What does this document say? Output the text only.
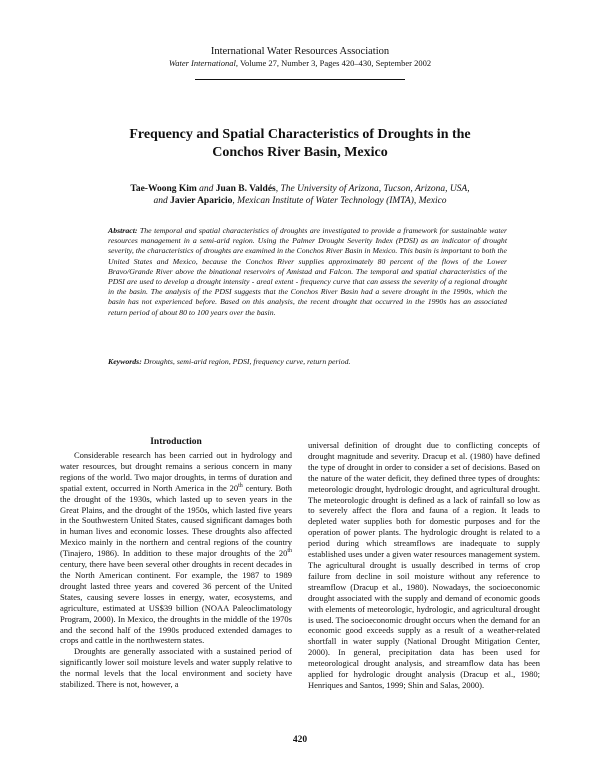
International Water Resources Association
Water International, Volume 27, Number 3, Pages 420–430, September 2002
Frequency and Spatial Characteristics of Droughts in the
Conchos River Basin, Mexico
Tae-Woong Kim and Juan B. Valdés, The University of Arizona, Tucson, Arizona, USA,
and Javier Aparicio, Mexican Institute of Water Technology (IMTA), Mexico

Abstract: The temporal and spatial characteristics of droughts are investigated to provide a framework for sustainable water resources management in a semi-arid region. Using the Palmer Drought Severity Index (PDSI) as an indicator of drought severity, the characteristics of droughts are examined in the Conchos River Basin in Mexico. This basin is important to both the United States and Mexico, because the Conchos River supplies approximately 80 percent of the flows of the Lower Bravo/Grande River above the binational reservoirs of Amistad and Falcon. The temporal and spatial characteristics of the PDSI are used to develop a drought intensity - areal extent - frequency curve that can assess the severity of a regional drought in the basin. The analysis of the PDSI suggests that the Conchos River Basin had a severe drought in the 1990s, which the basin has not experienced before. Based on this analysis, the recent drought that occurred in the 1990s has an associated return period of about 80 to 100 years over the basin.

Keywords: Droughts, semi-arid region, PDSI, frequency curve, return period.

Introduction

Considerable research has been carried out in hydrology and water resources, but drought remains a serious concern in many regions of the world. Two major droughts, in terms of duration and spatial extent, occurred in North America in the 20th century. Both the drought of the 1930s, which lasted up to seven years in the Great Plains, and the drought of the 1950s, which lasted five years in the Southwestern United States, caused significant damages both in human lives and economic losses. These droughts also affected Mexico mainly in the northern and central regions of the country (Tinajero, 1986). In addition to these major droughts of the 20th century, there have been several other droughts in recent decades in the North American continent. For example, the 1987 to 1989 drought lasted three years and covered 36 percent of the United States, causing severe losses in energy, water, ecosystems, and agriculture, estimated at US$39 billion (NOAA Paleoclimatology Program, 2000). In Mexico, the droughts in the middle of the 1970s and the second half of the 1990s produced extended damages to crops and cattle in the northwestern states.

Droughts are generally associated with a sustained period of significantly lower soil moisture levels and water supply relative to the normal levels that the local environment and society have stabilized. There is not, however, a

universal definition of drought due to conflicting concepts of drought magnitude and severity. Dracup et al. (1980) have defined the type of drought in order to consider a set of decisions. Based on the nature of the water deficit, they defined three types of droughts: meteorologic drought, hydrologic drought, and agricultural drought. The meteorologic drought is defined as a lack of rainfall so low as to severely affect the flora and fauna of a region. It leads to depleted water supplies both for domestic purposes and for the operation of power plants. The hydrologic drought is related to a period during which streamflows are inadequate to supply established uses under a given water resources management system. The agricultural drought is usually described in terms of crop failure from decline in soil moisture without any reference to streamflow (Dracup et al., 1980). Nowadays, the socioeconomic drought associated with the supply and demand of economic goods with elements of meteorologic, hydrologic, and agricultural drought is used. The socioeconomic drought occurs when the demand for an economic good exceeds supply as a result of a weather-related shortfall in water supply (National Drought Mitigation Center, 2000). In general, precipitation data has been used for meteorological drought analysis, and streamflow data has been applied for hydrologic drought analysis (Dracup et al., 1980; Henriques and Santos, 1999; Shin and Salas, 2000).

420
